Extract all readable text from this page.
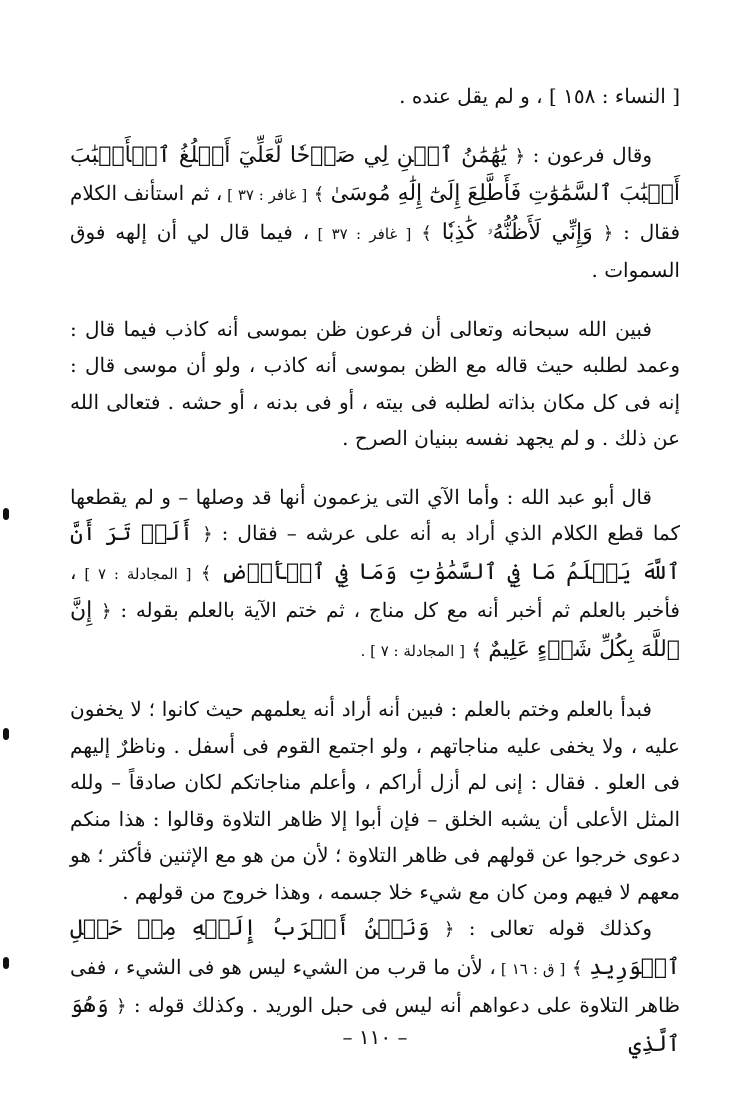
[ النساء : ١٥٨ ] ، و لم يقل عنده .

وقال فرعون : ﴿ يَٰهَٰمَٰنُ ٱبۡنِ لِي صَرۡحٗا لَّعَلِّيٓ أَبۡلُغُ ٱلۡأَسۡبَٰبَ أَسۡبَٰبَ ٱلسَّمَٰوَٰتِ فَأَطَّلِعَ إِلَىٰٓ إِلَٰهِ مُوسَىٰ ﴾ [ غافر : ٣٧ ] ، ثم استأنف الكلام فقال : ﴿ وَإِنِّي لَأَظُنُّهُۥ كَٰذِبٗا ﴾ [ غافر : ٣٧ ] ، فيما قال لي أن إلهه فوق السموات .

فبين الله سبحانه وتعالى أن فرعون ظن بموسى أنه كاذب فيما قال : وعمد لطلبه حيث قاله مع الظن بموسى أنه كاذب ، ولو أن موسى قال : إنه فى كل مكان بذاته لطلبه فى بيته ، أو فى بدنه ، أو حشه . فتعالى الله عن ذلك . و لم يجهد نفسه ببنيان الصرح .

قال أبو عبد الله : وأما الآي التى يزعمون أنها قد وصلها – و لم يقطعها كما قطع الكلام الذي أراد به أنه على عرشه – فقال : ﴿ أَلَمۡ تَرَ أَنَّ ٱللَّهَ يَعۡلَمُ مَا فِي ٱلسَّمَٰوَٰتِ وَمَا فِي ٱلۡأَرۡضِ ﴾ [ المجادلة : ٧ ] ، فأخبر بالعلم ثم أخبر أنه مع كل مناج ، ثم ختم الآية بالعلم بقوله : ﴿ إِنَّ ٱللَّهَ بِكُلِّ شَيۡءٍ عَلِيمٌ ﴾ [ المجادلة : ٧ ] .

فبدأ بالعلم وختم بالعلم : فبين أنه أراد أنه يعلمهم حيث كانوا ؛ لا يخفون عليه ، ولا يخفى عليه مناجاتهم ، ولو اجتمع القوم فى أسفل . وناظرٌ إليهم فى العلو . فقال : إنى لم أزل أراكم ، وأعلم مناجاتكم لكان صادقاً – ولله المثل الأعلى أن يشبه الخلق – فإن أبوا إلا ظاهر التلاوة وقالوا : هذا منكم دعوى خرجوا عن قولهم فى ظاهر التلاوة ؛ لأن من هو مع الإثنين فأكثر ؛ هو معهم لا فيهم ومن كان مع شيء خلا جسمه ، وهذا خروج من قولهم .

وكذلك قوله تعالى : ﴿ وَنَحۡنُ أَقۡرَبُ إِلَيۡهِ مِنۡ حَبۡلِ ٱلۡوَرِيدِ ﴾ [ ق : ١٦ ] ، لأن ما قرب من الشيء ليس هو فى الشيء ، ففى ظاهر التلاوة على دعواهم أنه ليس فى حبل الوريد . وكذلك قوله : ﴿ وَهُوَ ٱلَّذِي

– ١١٠ –
